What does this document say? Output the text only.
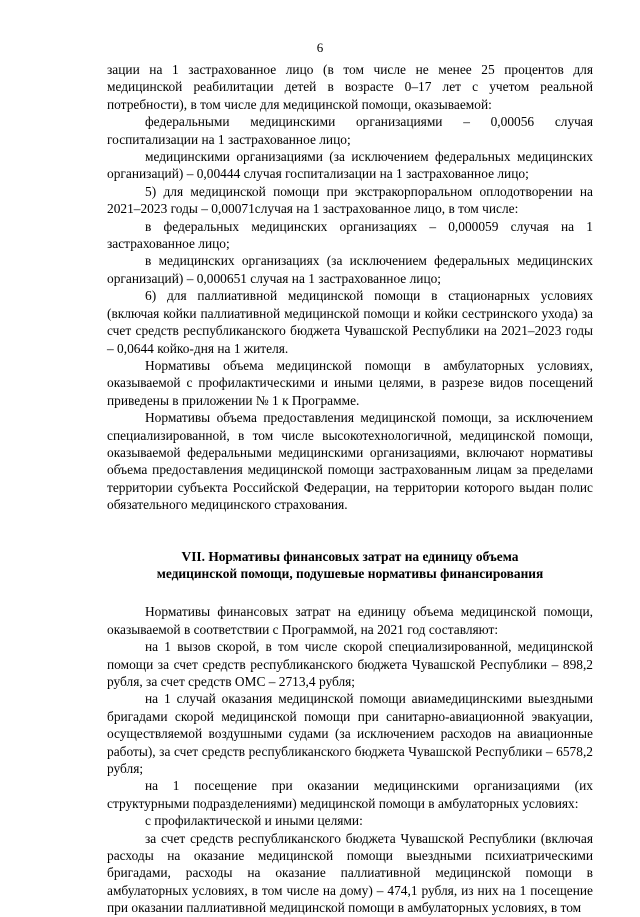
6

зации на 1 застрахованное лицо (в том числе не менее 25 процентов для медицинской реабилитации детей в возрасте 0–17 лет с учетом реальной потребности), в том числе для медицинской помощи, оказываемой:

федеральными медицинскими организациями – 0,00056 случая госпитализации на 1 застрахованное лицо;

медицинскими организациями (за исключением федеральных медицинских организаций) – 0,00444 случая госпитализации на 1 застрахованное лицо;

5) для медицинской помощи при экстракорпоральном оплодотворении на 2021–2023 годы – 0,00071случая на 1 застрахованное лицо, в том числе:

в федеральных медицинских организациях – 0,000059 случая на 1 застрахованное лицо;

в медицинских организациях (за исключением федеральных медицинских организаций) – 0,000651 случая на 1 застрахованное лицо;

6) для паллиативной медицинской помощи в стационарных условиях (включая койки паллиативной медицинской помощи и койки сестринского ухода) за счет средств республиканского бюджета Чувашской Республики на 2021–2023 годы – 0,0644 койко-дня на 1 жителя.

Нормативы объема медицинской помощи в амбулаторных условиях, оказываемой с профилактическими и иными целями, в разрезе видов посещений приведены в приложении № 1 к Программе.

Нормативы объема предоставления медицинской помощи, за исключением специализированной, в том числе высокотехнологичной, медицинской помощи, оказываемой федеральными медицинскими организациями, включают нормативы объема предоставления медицинской помощи застрахованным лицам за пределами территории субъекта Российской Федерации, на территории которого выдан полис обязательного медицинского страхования.

VII. Нормативы финансовых затрат на единицу объема
медицинской помощи, подушевые нормативы финансирования

Нормативы финансовых затрат на единицу объема медицинской помощи, оказываемой в соответствии с Программой, на 2021 год составляют:

на 1 вызов скорой, в том числе скорой специализированной, медицинской помощи за счет средств республиканского бюджета Чувашской Республики – 898,2 рубля, за счет средств ОМС – 2713,4 рубля;

на 1 случай оказания медицинской помощи авиамедицинскими выездными бригадами скорой медицинской помощи при санитарно-авиационной эвакуации, осуществляемой воздушными судами (за исключением расходов на авиационные работы), за счет средств республиканского бюджета Чувашской Республики – 6578,2 рубля;

на 1 посещение при оказании медицинскими организациями (их структурными подразделениями) медицинской помощи в амбулаторных условиях:

с профилактической и иными целями:

за счет средств республиканского бюджета Чувашской Республики (включая расходы на оказание медицинской помощи выездными психиатрическими бригадами, расходы на оказание паллиативной медицинской помощи в амбулаторных условиях, в том числе на дому) – 474,1 рубля, из них на 1 посещение при оказании паллиативной медицинской помощи в амбулаторных условиях, в том
